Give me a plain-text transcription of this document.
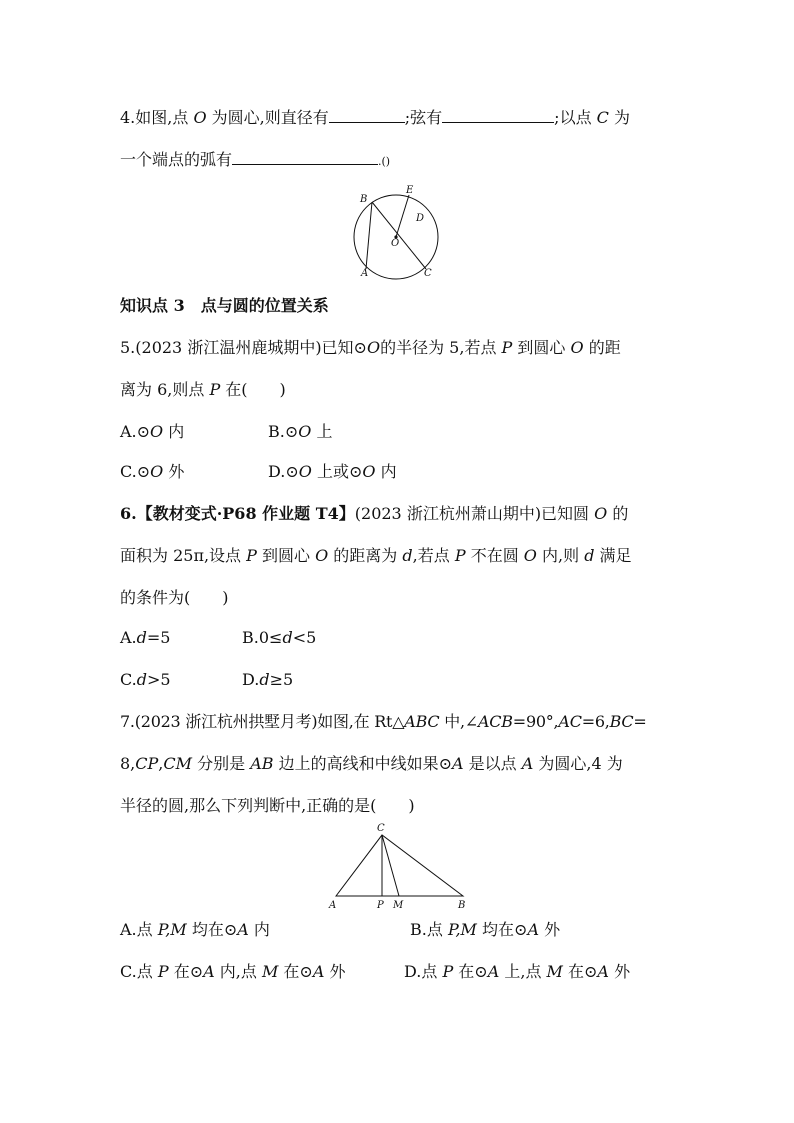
4.如图,点 O 为圆心,则直径有	;弦有	;以点 C 为
一个端点的弧有	.()
B
E
D
O
A	C
知识点 3　点与圆的位置关系
5.(2023 浙江温州鹿城期中)已知⊙O的半径为 5,若点 P 到圆心 O 的距
离为 6,则点 P 在(　　)
A.⊙O 内	B.⊙O 上
C.⊙O 外	D.⊙O 上或⊙O 内
6.【教材变式·P68 作业题 T4】(2023 浙江杭州萧山期中)已知圆 O 的
面积为 25π,设点 P 到圆心 O 的距离为 d,若点 P 不在圆 O 内,则 d 满足
的条件为(　　)
A.d=5	B.0≤d<5
C.d>5	D.d≥5
7.(2023 浙江杭州拱墅月考)如图,在 Rt△ABC 中,∠ACB=90°,AC=6,BC=
8,CP,CM 分别是 AB 边上的高线和中线如果⊙A 是以点 A 为圆心,4 为
半径的圆,那么下列判断中,正确的是(　　)
C
A	P M	B
A.点 P,M 均在⊙A 内	B.点 P,M 均在⊙A 外
C.点 P 在⊙A 内,点 M 在⊙A 外	D.点 P 在⊙A 上,点 M 在⊙A 外
